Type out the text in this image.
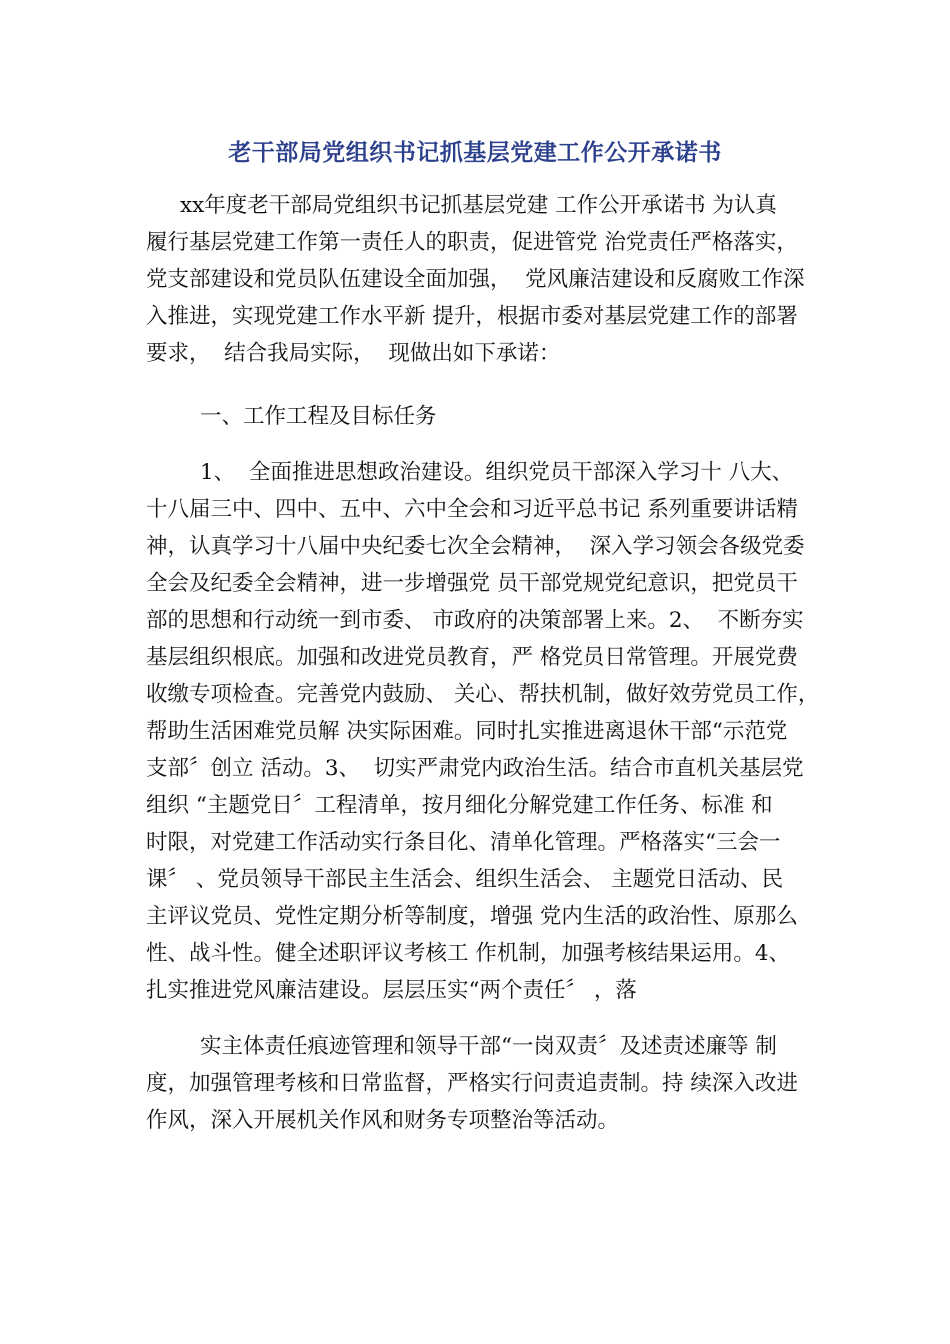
老干部局党组织书记抓基层党建工作公开承诺书
xx年度老干部局党组织书记抓基层党建 工作公开承诺书 为认真
履行基层党建工作第一责任人的职责，促进管党 治党责任严格落实，
党支部建设和党员队伍建设全面加强，  党风廉洁建设和反腐败工作深
入推进，实现党建工作水平新 提升，根据市委对基层党建工作的部署
要求，  结合我局实际，  现做出如下承诺：
一、工作工程及目标任务
1、  全面推进思想政治建设。组织党员干部深入学习十 八大、
十八届三中、四中、五中、六中全会和习近平总书记 系列重要讲话精
神，认真学习十八届中央纪委七次全会精神，  深入学习领会各级党委
全会及纪委全会精神，进一步增强党 员干部党规党纪意识，把党员干
部的思想和行动统一到市委、 市政府的决策部署上来。2、  不断夯实
基层组织根底。加强和改进党员教育，严 格党员日常管理。开展党费
收缴专项检查。完善党内鼓励、 关心、帮扶机制，做好效劳党员工作，
帮助生活困难党员解 决实际困难。同时扎实推进离退休干部“示范党
支部〞创立 活动。3、  切实严肃党内政治生活。结合市直机关基层党
组织 “主题党日〞工程清单，按月细化分解党建工作任务、标准 和
时限，对党建工作活动实行条目化、清单化管理。严格落实“三会一
课〞 、党员领导干部民主生活会、组织生活会、 主题党日活动、民
主评议党员、党性定期分析等制度，增强 党内生活的政治性、原那么
性、战斗性。健全述职评议考核工 作机制，加强考核结果运用。4、
扎实推进党风廉洁建设。层层压实“两个责任〞 ，落
实主体责任痕迹管理和领导干部“一岗双责〞及述责述廉等 制
度，加强管理考核和日常监督，严格实行问责追责制。持 续深入改进
作风，深入开展机关作风和财务专项整治等活动。
